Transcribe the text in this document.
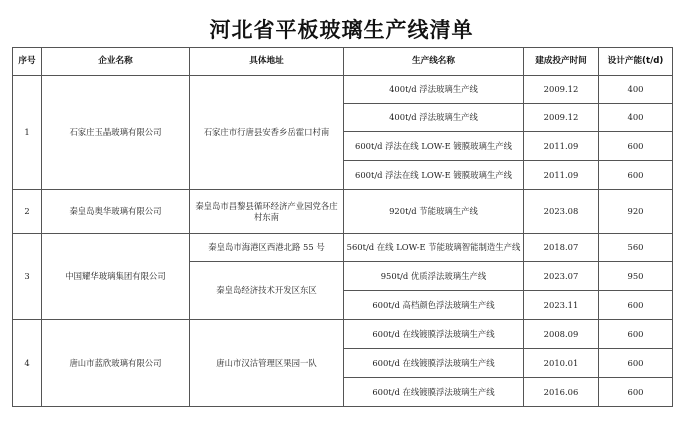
河北省平板玻璃生产线清单
序号	企业名称	具体地址	生产线名称	建成投产时间	设计产能(t/d)
1	石家庄玉晶玻璃有限公司	石家庄市行唐县安香乡岳霍口村南	400t/d 浮法玻璃生产线	2009.12	400
			400t/d 浮法玻璃生产线	2009.12	400
			600t/d 浮法在线 LOW-E 镀膜玻璃生产线	2011.09	600
			600t/d 浮法在线 LOW-E 镀膜玻璃生产线	2011.09	600
2	秦皇岛奥华玻璃有限公司	秦皇岛市昌黎县循环经济产业园党各庄村东南	920t/d 节能玻璃生产线	2023.08	920
3	中国耀华玻璃集团有限公司	秦皇岛市海港区西港北路 55 号	560t/d 在线 LOW-E 节能玻璃智能制造生产线	2018.07	560
		秦皇岛经济技术开发区东区	950t/d 优质浮法玻璃生产线	2023.07	950
			600t/d 高档颜色浮法玻璃生产线	2023.11	600
4	唐山市蓝欣玻璃有限公司	唐山市汉沽管理区果园一队	600t/d 在线镀膜浮法玻璃生产线	2008.09	600
			600t/d 在线镀膜浮法玻璃生产线	2010.01	600
			600t/d 在线镀膜浮法玻璃生产线	2016.06	600
